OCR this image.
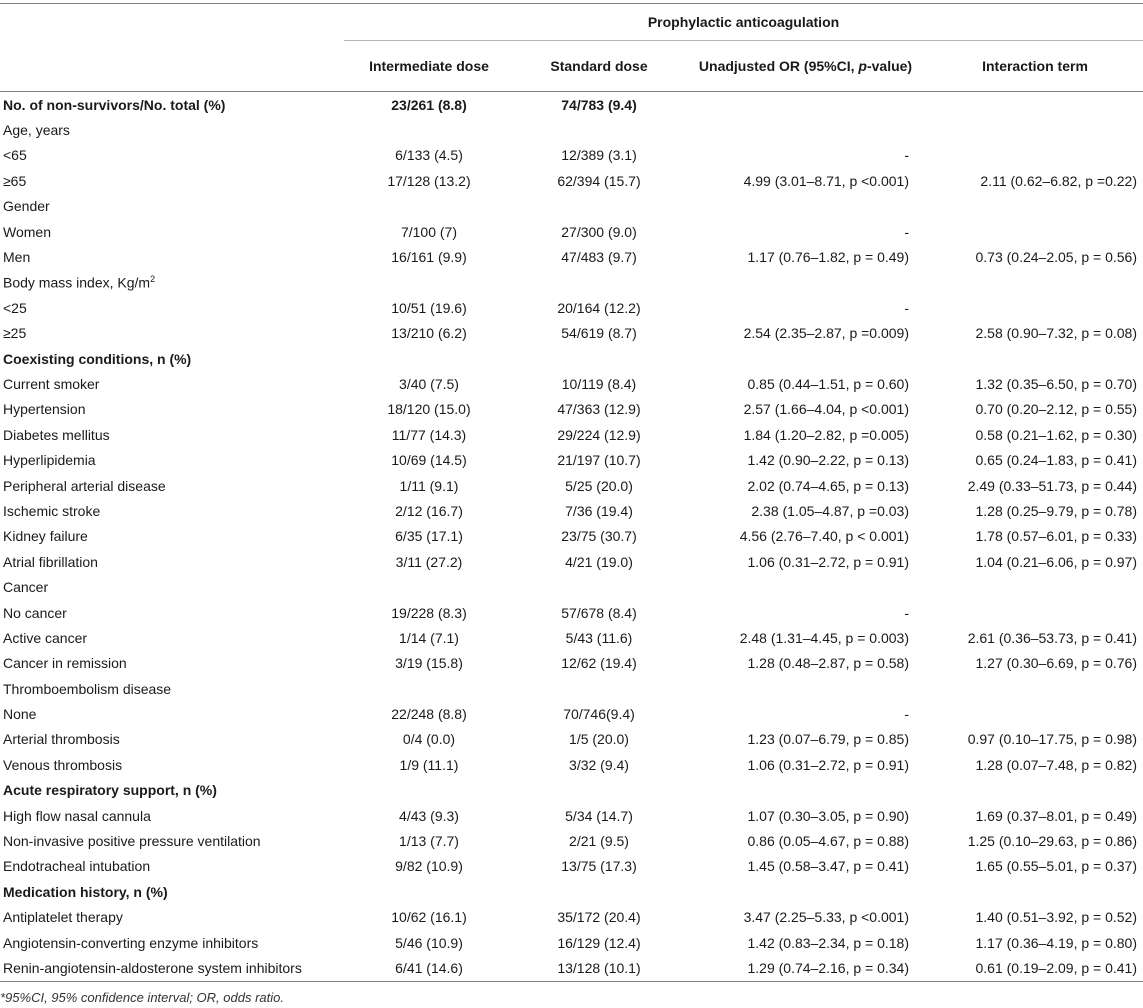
	Prophylactic anticoagulation			
	Intermediate dose	Standard dose	Unadjusted OR (95%CI, p-value)	Interaction term
No. of non-survivors/No. total (%)	23/261 (8.8)	74/783 (9.4)		
Age, years				
<65	6/133 (4.5)	12/389 (3.1)	-	
≥65	17/128 (13.2)	62/394 (15.7)	4.99 (3.01–8.71, p <0.001)	2.11 (0.62–6.82, p =0.22)
Gender				
Women	7/100 (7)	27/300 (9.0)	-	
Men	16/161 (9.9)	47/483 (9.7)	1.17 (0.76–1.82, p = 0.49)	0.73 (0.24–2.05, p = 0.56)
Body mass index, $Kg/m^2$				
<25	10/51 (19.6)	20/164 (12.2)	-	
≥25	13/210 (6.2)	54/619 (8.7)	2.54 (2.35–2.87, p =0.009)	2.58 (0.90–7.32, p = 0.08)
Coexisting conditions, n (%)				
Current smoker	3/40 (7.5)	10/119 (8.4)	0.85 (0.44–1.51, p = 0.60)	1.32 (0.35–6.50, p = 0.70)
Hypertension	18/120 (15.0)	47/363 (12.9)	2.57 (1.66–4.04, p <0.001)	0.70 (0.20–2.12, p = 0.55)
Diabetes mellitus	11/77 (14.3)	29/224 (12.9)	1.84 (1.20–2.82, p =0.005)	0.58 (0.21–1.62, p = 0.30)
Hyperlipidemia	10/69 (14.5)	21/197 (10.7)	1.42 (0.90–2.22, p = 0.13)	0.65 (0.24–1.83, p = 0.41)
Peripheral arterial disease	1/11 (9.1)	5/25 (20.0)	2.02 (0.74–4.65, p = 0.13)	2.49 (0.33–51.73, p = 0.44)
Ischemic stroke	2/12 (16.7)	7/36 (19.4)	2.38 (1.05–4.87, p =0.03)	1.28 (0.25–9.79, p = 0.78)
Kidney failure	6/35 (17.1)	23/75 (30.7)	4.56 (2.76–7.40, p < 0.001)	1.78 (0.57–6.01, p = 0.33)
Atrial fibrillation	3/11 (27.2)	4/21 (19.0)	1.06 (0.31–2.72, p = 0.91)	1.04 (0.21–6.06, p = 0.97)
Cancer				
No cancer	19/228 (8.3)	57/678 (8.4)	-	
Active cancer	1/14 (7.1)	5/43 (11.6)	2.48 (1.31–4.45, p = 0.003)	2.61 (0.36–53.73, p = 0.41)
Cancer in remission	3/19 (15.8)	12/62 (19.4)	1.28 (0.48–2.87, p = 0.58)	1.27 (0.30–6.69, p = 0.76)
Thromboembolism disease				
None	22/248 (8.8)	70/746(9.4)	-	
Arterial thrombosis	0/4 (0.0)	1/5 (20.0)	1.23 (0.07–6.79, p = 0.85)	0.97 (0.10–17.75, p = 0.98)
Venous thrombosis	1/9 (11.1)	3/32 (9.4)	1.06 (0.31–2.72, p = 0.91)	1.28 (0.07–7.48, p = 0.82)
Acute respiratory support, n (%)				
High flow nasal cannula	4/43 (9.3)	5/34 (14.7)	1.07 (0.30–3.05, p = 0.90)	1.69 (0.37–8.01, p = 0.49)
Non-invasive positive pressure ventilation	1/13 (7.7)	2/21 (9.5)	0.86 (0.05–4.67, p = 0.88)	1.25 (0.10–29.63, p = 0.86)
Endotracheal intubation	9/82 (10.9)	13/75 (17.3)	1.45 (0.58–3.47, p = 0.41)	1.65 (0.55–5.01, p = 0.37)
Medication history, n (%)				
Antiplatelet therapy	10/62 (16.1)	35/172 (20.4)	3.47 (2.25–5.33, p <0.001)	1.40 (0.51–3.92, p = 0.52)
Angiotensin-converting enzyme inhibitors	5/46 (10.9)	16/129 (12.4)	1.42 (0.83–2.34, p = 0.18)	1.17 (0.36–4.19, p = 0.80)
Renin-angiotensin-aldosterone system inhibitors	6/41 (14.6)	13/128 (10.1)	1.29 (0.74–2.16, p = 0.34)	0.61 (0.19–2.09, p = 0.41)
*95%CI, 95% confidence interval; OR, odds ratio.
